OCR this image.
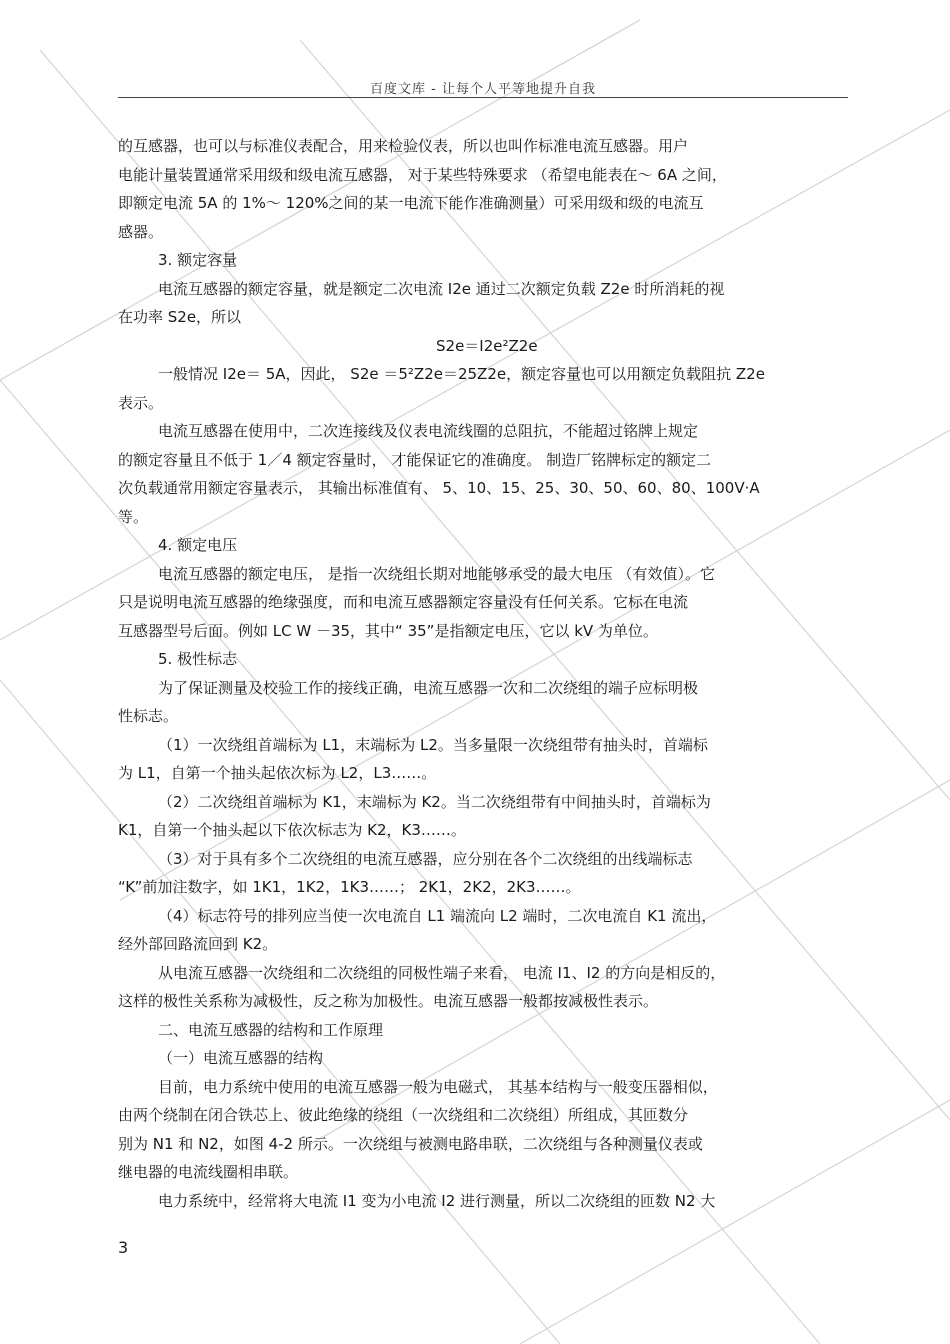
百度文库 - 让每个人平等地提升自我
的互感器，也可以与标准仪表配合，用来检验仪表，所以也叫作标准电流互感器。用户
电能计量装置通常采用级和级电流互感器， 对于某些特殊要求 （希望电能表在～ 6A 之间，
即额定电流 5A 的 1%～ 120%之间的某一电流下能作准确测量）可采用级和级的电流互
感器。
3. 额定容量
电流互感器的额定容量，就是额定二次电流 I2e 通过二次额定负载 Z2e 时所消耗的视
在功率 S2e，所以
S2e＝I2e²Z2e
一般情况 I2e＝ 5A，因此， S2e ＝5²Z2e＝25Z2e，额定容量也可以用额定负载阻抗 Z2e
表示。
电流互感器在使用中，二次连接线及仪表电流线圈的总阻抗，不能超过铭牌上规定
的额定容量且不低于 1／4 额定容量时， 才能保证它的准确度。 制造厂铭牌标定的额定二
次负载通常用额定容量表示， 其输出标准值有、 5、10、15、25、30、50、60、80、100V·A
等。
4. 额定电压
电流互感器的额定电压， 是指一次绕组长期对地能够承受的最大电压 （有效值）。它
只是说明电流互感器的绝缘强度，而和电流互感器额定容量没有任何关系。它标在电流
互感器型号后面。例如 LC W －35，其中“ 35”是指额定电压，它以 kV 为单位。
5. 极性标志
为了保证测量及校验工作的接线正确，电流互感器一次和二次绕组的端子应标明极
性标志。
（1）一次绕组首端标为 L1，末端标为 L2。当多量限一次绕组带有抽头时，首端标
为 L1，自第一个抽头起依次标为 L2，L3……。
（2）二次绕组首端标为 K1，末端标为 K2。当二次绕组带有中间抽头时，首端标为
K1，自第一个抽头起以下依次标志为 K2，K3……。
（3）对于具有多个二次绕组的电流互感器，应分别在各个二次绕组的出线端标志
“K”前加注数字，如 1K1，1K2，1K3……； 2K1，2K2，2K3……。
（4）标志符号的排列应当使一次电流自 L1 端流向 L2 端时，二次电流自 K1 流出，
经外部回路流回到 K2。
从电流互感器一次绕组和二次绕组的同极性端子来看， 电流 I1、I2 的方向是相反的，
这样的极性关系称为减极性，反之称为加极性。电流互感器一般都按减极性表示。
二、电流互感器的结构和工作原理
（一）电流互感器的结构
目前，电力系统中使用的电流互感器一般为电磁式， 其基本结构与一般变压器相似，
由两个绕制在闭合铁芯上、彼此绝缘的绕组（一次绕组和二次绕组）所组成，其匝数分
别为 N1 和 N2，如图 4-2 所示。一次绕组与被测电路串联，二次绕组与各种测量仪表或
继电器的电流线圈相串联。
电力系统中，经常将大电流 I1 变为小电流 I2 进行测量，所以二次绕组的匝数 N2 大
3
